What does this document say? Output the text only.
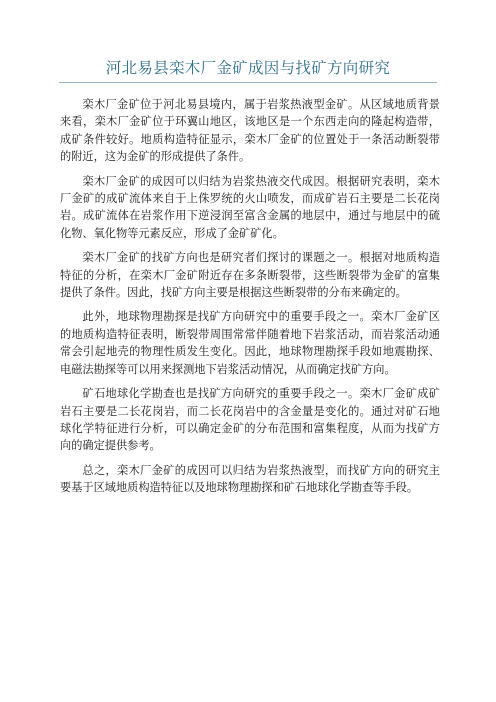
河北易县栾木厂金矿成因与找矿方向研究

栾木厂金矿位于河北易县境内，属于岩浆热液型金矿。从区域地质背景来看，栾木厂金矿位于环翼山地区，该地区是一个东西走向的隆起构造带，成矿条件较好。地质构造特征显示，栾木厂金矿的位置处于一条活动断裂带的附近，这为金矿的形成提供了条件。

栾木厂金矿的成因可以归结为岩浆热液交代成因。根据研究表明，栾木厂金矿的成矿流体来自于上侏罗统的火山喷发，而成矿岩石主要是二长花岗岩。成矿流体在岩浆作用下逆浸润至富含金属的地层中，通过与地层中的硫化物、氧化物等元素反应，形成了金矿矿化。

栾木厂金矿的找矿方向也是研究者们探讨的课题之一。根据对地质构造特征的分析，在栾木厂金矿附近存在多条断裂带，这些断裂带为金矿的富集提供了条件。因此，找矿方向主要是根据这些断裂带的分布来确定的。

此外，地球物理勘探是找矿方向研究中的重要手段之一。栾木厂金矿区的地质构造特征表明，断裂带周围常常伴随着地下岩浆活动，而岩浆活动通常会引起地壳的物理性质发生变化。因此，地球物理勘探手段如地震勘探、电磁法勘探等可以用来探测地下岩浆活动情况，从而确定找矿方向。

矿石地球化学勘查也是找矿方向研究的重要手段之一。栾木厂金矿成矿岩石主要是二长花岗岩，而二长花岗岩中的含金量是变化的。通过对矿石地球化学特征进行分析，可以确定金矿的分布范围和富集程度，从而为找矿方向的确定提供参考。

总之，栾木厂金矿的成因可以归结为岩浆热液型，而找矿方向的研究主要基于区域地质构造特征以及地球物理勘探和矿石地球化学勘查等手段。
